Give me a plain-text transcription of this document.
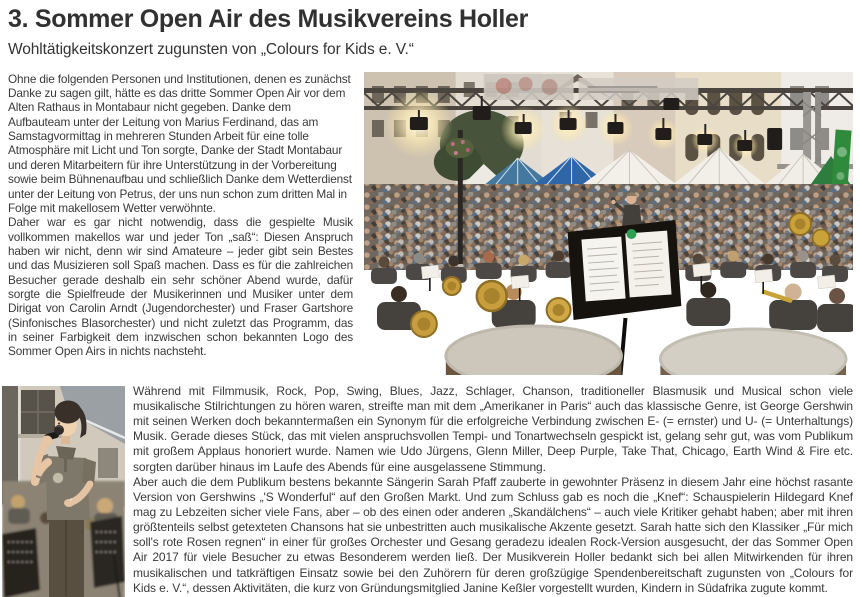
3. Sommer Open Air des Musikvereins Holler
Wohltätigkeitskonzert zugunsten von „Colours for Kids e. V.“

Ohne die folgenden Personen und Institutionen, denen es zunächst Danke zu sagen gilt, hätte es das dritte Sommer Open Air vor dem Alten Rathaus in Montabaur nicht gegeben. Danke dem Aufbauteam unter der Leitung von Marius Ferdinand, das am Samstagvormittag in mehreren Stunden Arbeit für eine tolle Atmosphäre mit Licht und Ton sorgte, Danke der Stadt Montabaur und deren Mitarbeitern für ihre Unterstützung in der Vorbereitung sowie beim Bühnenaufbau und schließlich Danke dem Wetterdienst unter der Leitung von Petrus, der uns nun schon zum dritten Mal in Folge mit makellosem Wetter verwöhnte.

Daher war es gar nicht notwendig, dass die gespielte Musik vollkommen makellos war und jeder Ton „saß“: Diesen Anspruch haben wir nicht, denn wir sind Amateure – jeder gibt sein Bestes und das Musizieren soll Spaß machen. Dass es für die zahlreichen Besucher gerade deshalb ein sehr schöner Abend wurde, dafür sorgte die Spielfreude der Musikerinnen und Musiker unter dem Dirigat von Carolin Arndt (Jugendorchester) und Fraser Gartshore (Sinfonisches Blasorchester) und nicht zuletzt das Programm, das in seiner Farbigkeit dem inzwischen schon bekannten Logo des Sommer Open Airs in nichts nachsteht.

Während mit Filmmusik, Rock, Pop, Swing, Blues, Jazz, Schlager, Chanson, traditioneller Blasmusik und Musical schon viele musikalische Stilrichtungen zu hören waren, streifte man mit dem „Amerikaner in Paris“ auch das klassische Genre, ist George Gershwin mit seinen Werken doch bekanntermaßen ein Synonym für die erfolgreiche Verbindung zwischen E- (= ernster) und U- (= Unterhaltungs) Musik. Gerade dieses Stück, das mit vielen anspruchsvollen Tempi- und Tonartwechseln gespickt ist, gelang sehr gut, was vom Publikum mit großem Applaus honoriert wurde. Namen wie Udo Jürgens, Glenn Miller, Deep Purple, Take That, Chicago, Earth Wind & Fire etc. sorgten darüber hinaus im Laufe des Abends für eine ausgelassene Stimmung.

Aber auch die dem Publikum bestens bekannte Sängerin Sarah Pfaff zauberte in gewohnter Präsenz in diesem Jahr eine höchst rasante Version von Gershwins „'S Wonderful“ auf den Großen Markt. Und zum Schluss gab es noch die „Knef“: Schauspielerin Hildegard Knef mag zu Lebzeiten sicher viele Fans, aber – ob des einen oder anderen „Skandälchens“ – auch viele Kritiker gehabt haben; aber mit ihren größtenteils selbst getexteten Chansons hat sie unbestritten auch musikalische Akzente gesetzt. Sarah hatte sich den Klassiker „Für mich soll's rote Rosen regnen“ in einer für großes Orchester und Gesang geradezu idealen Rock-Version ausgesucht, der das Sommer Open Air 2017 für viele Besucher zu etwas Besonderem werden ließ. Der Musikverein Holler bedankt sich bei allen Mitwirkenden für ihren musikalischen und tatkräftigen Einsatz sowie bei den Zuhörern für deren großzügige Spendenbereitschaft zugunsten von „Colours for Kids e. V.“, dessen Aktivitäten, die kurz von Gründungsmitglied Janine Keßler vorgestellt wurden, Kindern in Südafrika zugute kommt.
